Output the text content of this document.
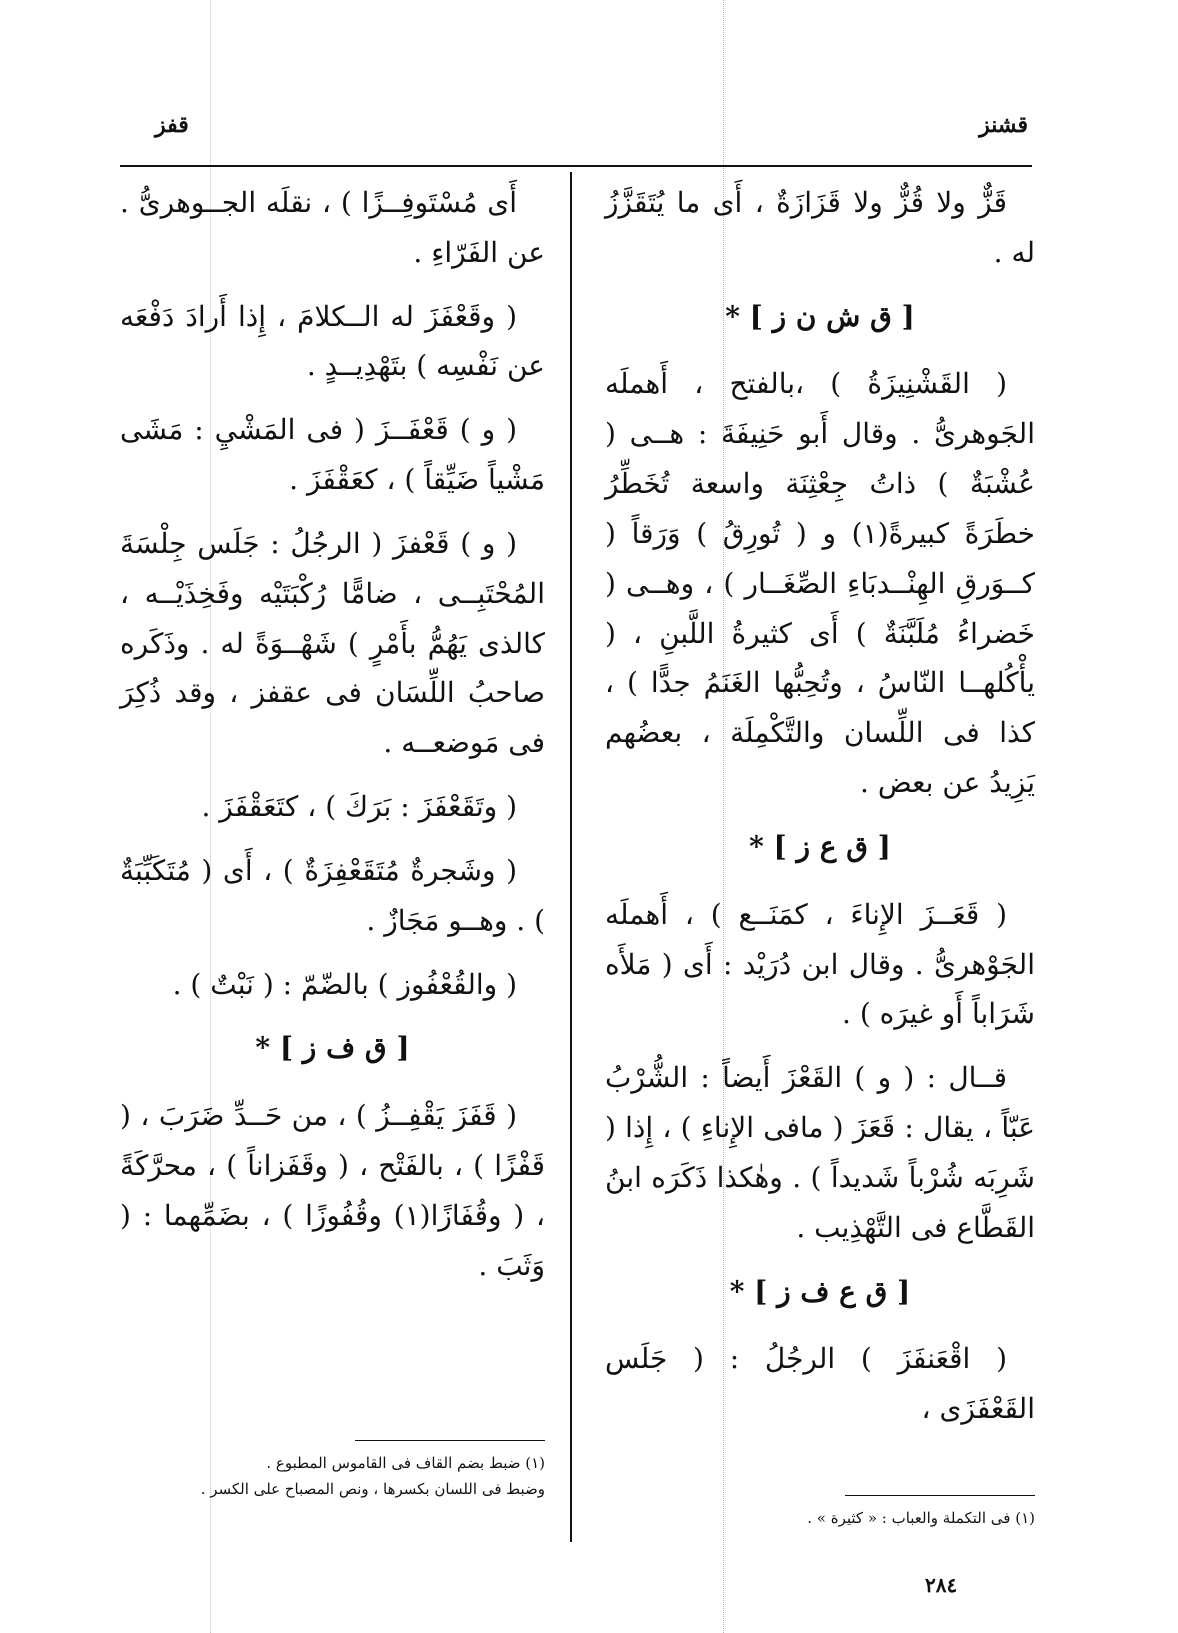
قشنز
قفز

قَزٌّ ولا قُزٌّ ولا قَزَازَةٌ ، أَى ما يُتَقَزَّزُ له .

[ ق ش ن ز ] *

( القَشْنِيزَةُ ) ،بالفتح ، أَهملَه الجَوهرىُّ . وقال أَبو حَنِيفَةَ : هــى ( عُشْبَةٌ ) ذاتُ جِعْثِنَة واسعة تُخَطِّرُ خطَرَةً كبيرةً(١) و ( تُورِقُ ) وَرَقاً ( كــوَرقِ الهِنْــدبَاءِ الصِّغَــار ) ، وهــى ( خَضراءُ مُلَبَّنَةٌ ) أَى كثيرةُ اللَّبنِ ، ( يأْكُلهــا النّاسُ ، وتُحِبُّها الغَنَمُ جدًّا ) ، كذا فى اللِّسان والتَّكْمِلَة ، بعضُهم يَزِيدُ عن بعض .

[ ق ع ز ] *

( قَعَــزَ الإِناءَ ، كمَنَــع ) ، أَهملَه الجَوْهرىُّ . وقال ابن دُرَيْد : أَى ( مَلأَه شَرَاباً أَو غيرَه ) .

قــال : ( و ) القَعْزَ أَيضاً : الشُّرْبُ عَبّاً ، يقال : قَعَزَ ( مافى الإِناءِ ) ، إِذا ( شَرِبَه شُرْباً شَديداً ) . وهٰكذا ذَكَرَه ابنُ القَطَّاع فى التَّهْذِيب .

[ ق ع ف ز ] *

( اقْعَنفَزَ ) الرجُلُ : ( جَلَس القَعْفَزَى ،

أَى مُسْتَوفِــزًا ) ، نقلَه الجــوهرىُّ . عن الفَرّاءِ .

( وقَعْفَزَ له الــكلامَ ، إِذا أَرادَ دَفْعَه عن نَفْسِه ) بتَهْدِيــدٍ .

( و ) قَعْفَــزَ ( فى المَشْيِ : مَشَى مَشْياً ضَيِّقاً ) ، كعَقْفَزَ .

( و ) قَعْفزَ ( الرجُلُ : جَلَس جِلْسَةَ المُحْتَبِــى ، ضامًّا رُكْبَتَيْه وفَخِذَيْــه ، كالذى يَهُمُّ بأَمْرٍ ) شَهْــوَةً له . وذَكَره صاحبُ اللِّسَان فى عقفز ، وقد ذُكِرَ فى مَوضعــه .

( وتَقَعْفَزَ : بَرَكَ ) ، كتَعَقْفَزَ .

( وشَجرةٌ مُتَقَعْفِزَةٌ ) ، أَى ( مُتَكَبِّبَةٌ ) . وهــو مَجَازٌ .

( والقُعْفُوز ) بالضّمّ : ( نَبْتٌ ) .

[ ق ف ز ] *

( قَفَزَ يَقْفِــزُ ) ، من حَــدِّ ضَرَبَ ، ( قَفْزًا ) ، بالفَتْح ، ( وقَفَزاناً ) ، محرَّكَةً ، ( وقُفَازًا(١) وقُفُوزًا ) ، بضَمِّهما : ( وَثَبَ .

(١) فى التكملة والعباب : « كثيرة » .
(١) ضبط بضم القاف فى القاموس المطبوع .
وضبط فى اللسان بكسرها ، ونص المصباح على الكسر .
٢٨٤
